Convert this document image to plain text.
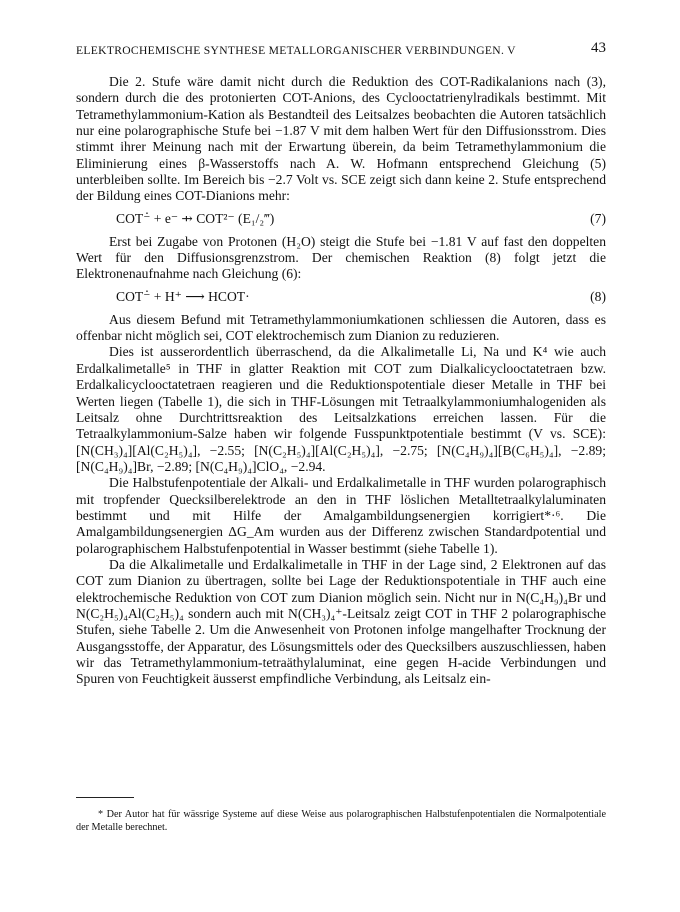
ELEKTROCHEMISCHE SYNTHESE METALLORGANISCHER VERBINDUNGEN. V	43

Die 2. Stufe wäre damit nicht durch die Reduktion des COT-Radikalanions nach (3), sondern durch die des protonierten COT-Anions, des Cyclooctatrienylradikals bestimmt. Mit Tetramethylammonium-Kation als Bestandteil des Leitsalzes beobachten die Autoren tatsächlich nur eine polarographische Stufe bei −1.87 V mit dem halben Wert für den Diffusionsstrom. Dies stimmt ihrer Meinung nach mit der Erwartung überein, da beim Tetramethylammonium die Eliminierung eines β-Wasserstoffs nach A. W. Hofmann entsprechend Gleichung (5) unterbleiben sollte. Im Bereich bis −2.7 Volt vs. SCE zeigt sich dann keine 2. Stufe entsprechend der Bildung eines COT-Dianions mehr:

COT⁻̇ + e⁻ ⇸ COT²⁻ (E₁/₂‴)	(7)

Erst bei Zugabe von Protonen (H₂O) steigt die Stufe bei −1.81 V auf fast den doppelten Wert für den Diffusionsgrenzstrom. Der chemischen Reaktion (8) folgt jetzt die Elektronenaufnahme nach Gleichung (6):

COT⁻̇ + H⁺ ⟶ HCOT·	(8)

Aus diesem Befund mit Tetramethylammoniumkationen schliessen die Autoren, dass es offenbar nicht möglich sei, COT elektrochemisch zum Dianion zu reduzieren.

Dies ist ausserordentlich überraschend, da die Alkalimetalle Li, Na und K⁴ wie auch Erdalkalimetalle⁵ in THF in glatter Reaktion mit COT zum Dialkalicyclooctatetraen bzw. Erdalkalicyclooctatetraen reagieren und die Reduktionspotentiale dieser Metalle in THF bei Werten liegen (Tabelle 1), die sich in THF-Lösungen mit Tetraalkylammoniumhalogeniden als Leitsalz ohne Durchtrittsreaktion des Leitsalzkations erreichen lassen. Für die Tetraalkylammonium-Salze haben wir folgende Fusspunktpotentiale bestimmt (V vs. SCE): [N(CH₃)₄][Al(C₂H₅)₄], −2.55; [N(C₂H₅)₄][Al(C₂H₅)₄], −2.75; [N(C₄H₉)₄][B(C₆H₅)₄], −2.89; [N(C₄H₉)₄]Br, −2.89; [N(C₄H₉)₄]ClO₄, −2.94.

Die Halbstufenpotentiale der Alkali- und Erdalkalimetalle in THF wurden polarographisch mit tropfender Quecksilberelektrode an den in THF löslichen Metalltetraalkylaluminaten bestimmt und mit Hilfe der Amalgambildungsenergien korrigiert*·⁶. Die Amalgambildungsenergien ΔG_Am wurden aus der Differenz zwischen Standardpotential und polarographischem Halbstufenpotential in Wasser bestimmt (siehe Tabelle 1).

Da die Alkalimetalle und Erdalkalimetalle in THF in der Lage sind, 2 Elektronen auf das COT zum Dianion zu übertragen, sollte bei Lage der Reduktionspotentiale in THF auch eine elektrochemische Reduktion von COT zum Dianion möglich sein. Nicht nur in N(C₄H₉)₄Br und N(C₂H₅)₄Al(C₂H₅)₄ sondern auch mit N(CH₃)₄⁺-Leitsalz zeigt COT in THF 2 polarographische Stufen, siehe Tabelle 2. Um die Anwesenheit von Protonen infolge mangelhafter Trocknung der Ausgangsstoffe, der Apparatur, des Lösungsmittels oder des Quecksilbers auszuschliessen, haben wir das Tetramethylammonium-tetraäthylaluminat, eine gegen H-acide Verbindungen und Spuren von Feuchtigkeit äusserst empfindliche Verbindung, als Leitsalz ein-

* Der Autor hat für wässrige Systeme auf diese Weise aus polarographischen Halbstufenpotentialen die Normalpotentiale der Metalle berechnet.
